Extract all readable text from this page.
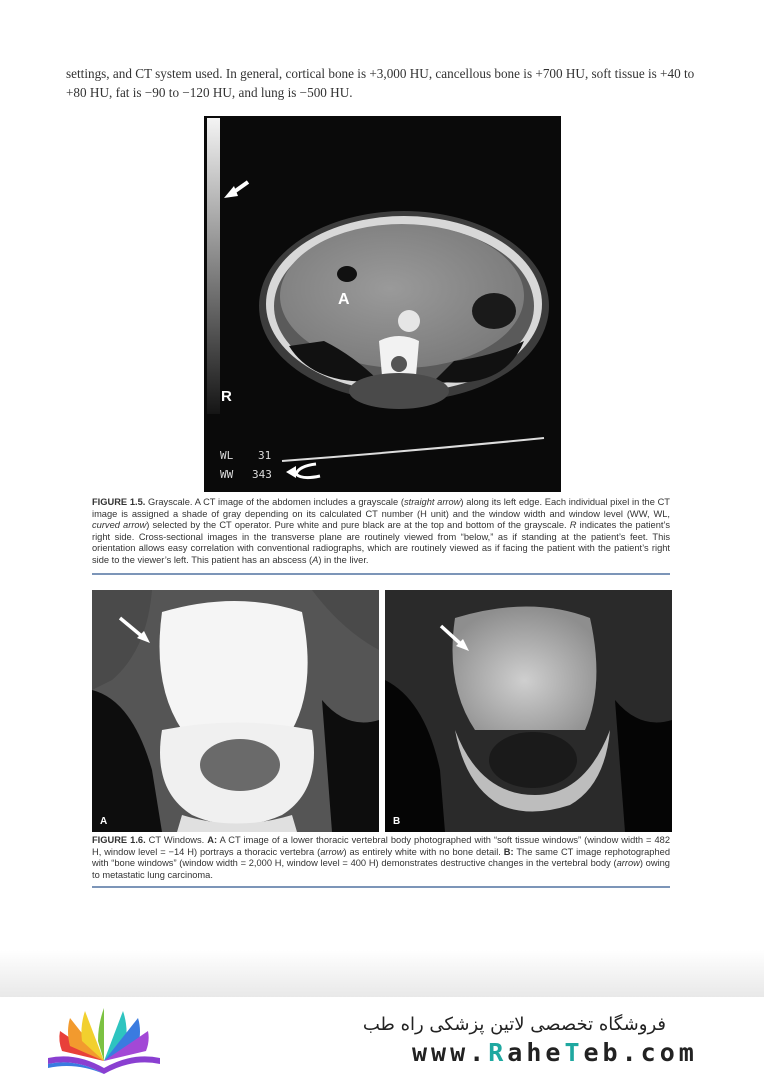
settings, and CT system used. In general, cortical bone is +3,000 HU, cancellous bone is +700 HU, soft tissue is +40 to +80 HU, fat is −90 to −120 HU, and lung is −500 HU.
A
R
WL 31
WW 343
FIGURE 1.5. Grayscale. A CT image of the abdomen includes a grayscale (straight arrow) along its left edge. Each individual pixel in the CT image is assigned a shade of gray depending on its calculated CT number (H unit) and the window width and window level (WW, WL, curved arrow) selected by the CT operator. Pure white and pure black are at the top and bottom of the grayscale. R indicates the patient’s right side. Cross-sectional images in the transverse plane are routinely viewed from “below,” as if standing at the patient’s feet. This orientation allows easy correlation with conventional radiographs, which are routinely viewed as if facing the patient with the patient’s right side to the viewer’s left. This patient has an abscess (A) in the liver.
A	B
FIGURE 1.6. CT Windows. A: A CT image of a lower thoracic vertebral body photographed with “soft tissue windows” (window width = 482 H, window level = −14 H) portrays a thoracic vertebra (arrow) as entirely white with no bone detail. B: The same CT image rephotographed with “bone windows” (window width = 2,000 H, window level = 400 H) demonstrates destructive changes in the vertebral body (arrow) owing to metastatic lung carcinoma.
فروشگاه تخصصی لاتین پزشکی راه طب
www.RaheTeb.com
